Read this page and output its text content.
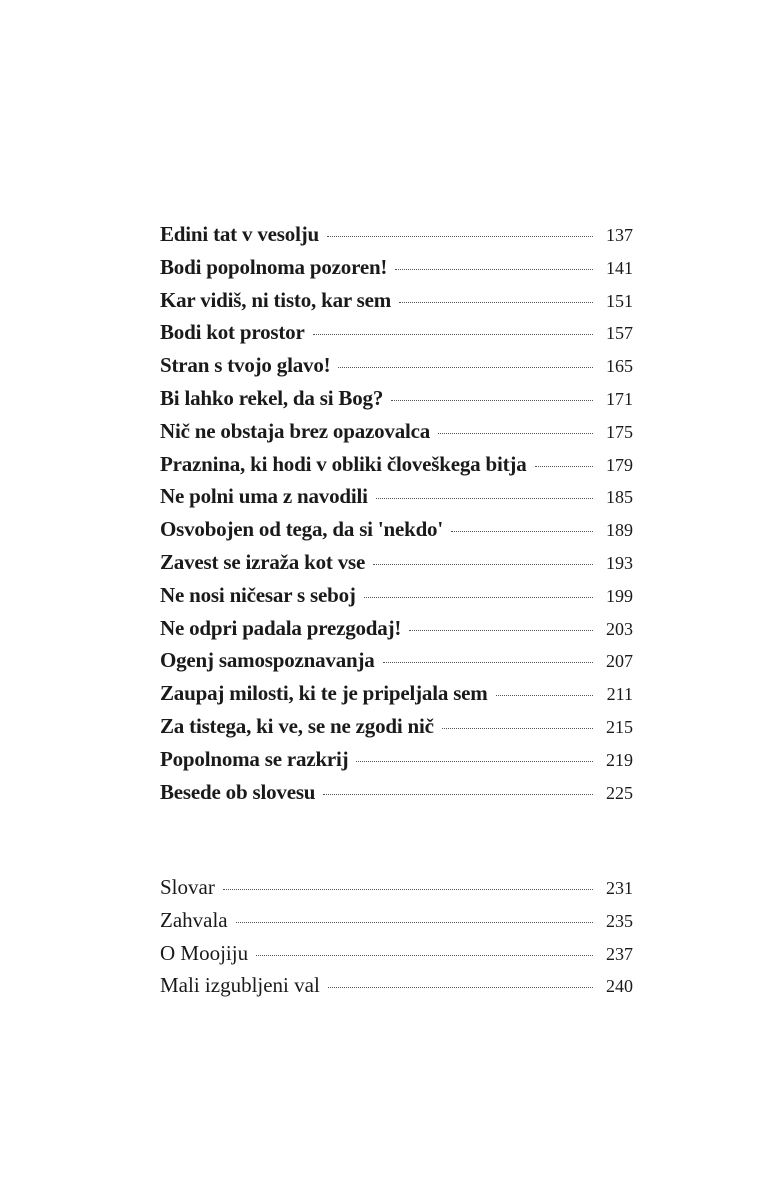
Edini tat v vesolju	137
Bodi popolnoma pozoren!	141
Kar vidiš, ni tisto, kar sem	151
Bodi kot prostor	157
Stran s tvojo glavo!	165
Bi lahko rekel, da si Bog?	171
Nič ne obstaja brez opazovalca	175
Praznina, ki hodi v obliki človeškega bitja	179
Ne polni uma z navodili	185
Osvobojen od tega, da si 'nekdo'	189
Zavest se izraža kot vse	193
Ne nosi ničesar s seboj	199
Ne odpri padala prezgodaj!	203
Ogenj samospoznavanja	207
Zaupaj milosti, ki te je pripeljala sem	211
Za tistega, ki ve, se ne zgodi nič	215
Popolnoma se razkrij	219
Besede ob slovesu	225
Slovar	231
Zahvala	235
O Moojiju	237
Mali izgubljeni val	240
